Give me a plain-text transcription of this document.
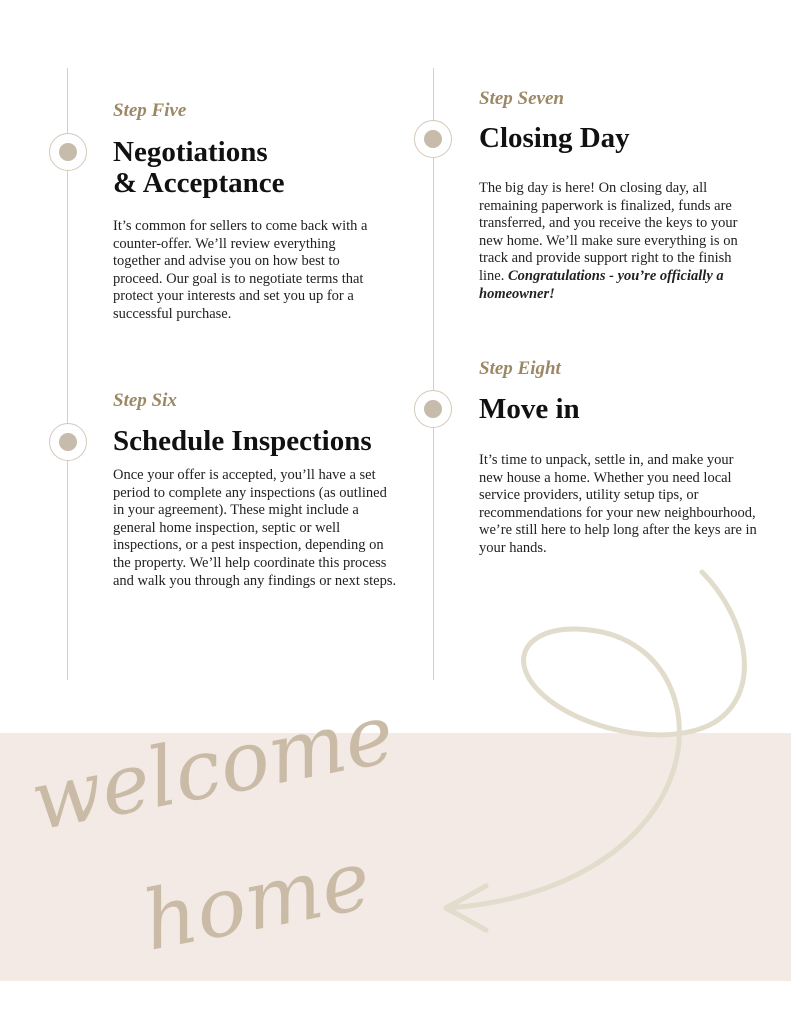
Step Five

Negotiations
& Acceptance

It’s common for sellers to come back with a counter-offer. We’ll review everything together and advise you on how best to proceed. Our goal is to negotiate terms that protect your interests and set you up for a successful purchase.

Step Six

Schedule Inspections

Once your offer is accepted, you’ll have a set period to complete any inspections (as outlined in your agreement). These might include a general home inspection, septic or well inspections, or a pest inspection, depending on the property. We’ll help coordinate this process and walk you through any findings or next steps.

Step Seven

Closing Day

The big day is here! On closing day, all remaining paperwork is finalized, funds are transferred, and you receive the keys to your new home. We’ll make sure everything is on track and provide support right to the finish line. Congratulations - you’re officially a homeowner!

Step Eight

Move in

It’s time to unpack, settle in, and make your new house a home. Whether you need local service providers, utility setup tips, or recommendations for your new neighbourhood, we’re still here to help long after the keys are in your hands.

welcome
home
